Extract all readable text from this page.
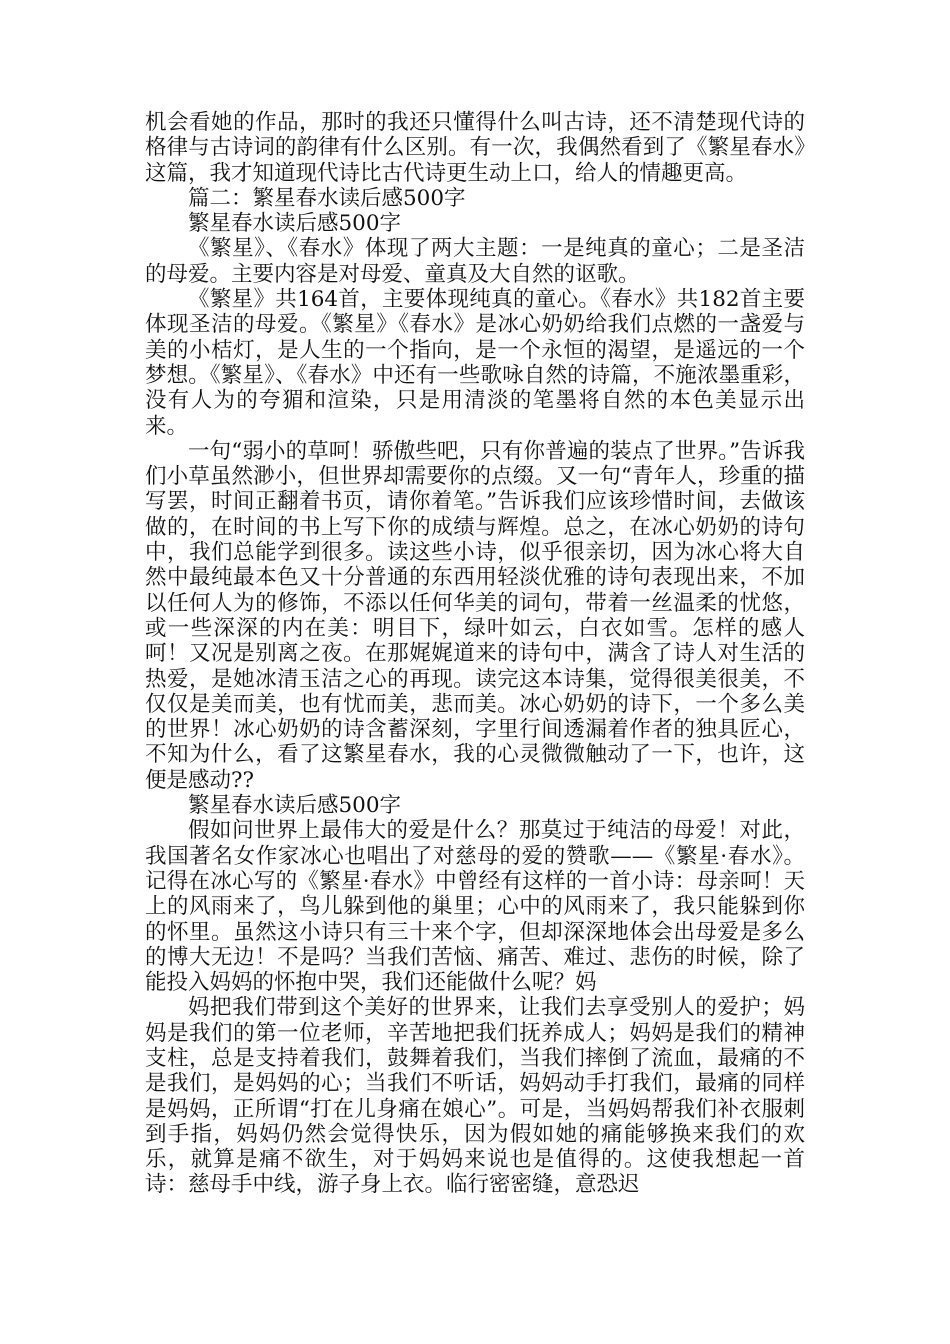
机会看她的作品，那时的我还只懂得什么叫古诗，还不清楚现代诗的格律与古诗词的韵律有什么区别。有一次，我偶然看到了《繁星春水》这篇，我才知道现代诗比古代诗更生动上口，给人的情趣更高。

篇二：繁星春水读后感500字

繁星春水读后感500字

《繁星》、《春水》体现了两大主题：一是纯真的童心；二是圣洁的母爱。主要内容是对母爱、童真及大自然的讴歌。

《繁星》共164首，主要体现纯真的童心。《春水》共182首主要体现圣洁的母爱。《繁星》《春水》是冰心奶奶给我们点燃的一盏爱与美的小桔灯，是人生的一个指向，是一个永恒的渴望，是遥远的一个梦想。《繁星》、《春水》中还有一些歌咏自然的诗篇，不施浓墨重彩，没有人为的夸猸和渲染，只是用清淡的笔墨将自然的本色美显示出来。

一句“弱小的草呵！骄傲些吧，只有你普遍的装点了世界。”告诉我们小草虽然渺小，但世界却需要你的点缀。又一句“青年人，珍重的描写罢，时间正翻着书页，请你着笔。”告诉我们应该珍惜时间，去做该做的，在时间的书上写下你的成绩与辉煌。总之，在冰心奶奶的诗句中，我们总能学到很多。读这些小诗，似乎很亲切，因为冰心将大自然中最纯最本色又十分普通的东西用轻淡优雅的诗句表现出来，不加以任何人为的修饰，不添以任何华美的词句，带着一丝温柔的忧悠，或一些深深的内在美：明目下，绿叶如云，白衣如雪。怎样的感人呵！又况是别离之夜。在那娓娓道来的诗句中，满含了诗人对生活的热爱，是她冰清玉洁之心的再现。读完这本诗集，觉得很美很美，不仅仅是美而美，也有忧而美，悲而美。冰心奶奶的诗下，一个多么美的世界！冰心奶奶的诗含蓄深刻，字里行间透漏着作者的独具匠心，不知为什么，看了这繁星春水，我的心灵微微触动了一下，也许，这便是感动??

繁星春水读后感500字

假如问世界上最伟大的爱是什么？那莫过于纯洁的母爱！对此，我国著名女作家冰心也唱出了对慈母的爱的赞歌——《繁星·春水》。记得在冰心写的《繁星·春水》中曾经有这样的一首小诗：母亲呵！天上的风雨来了，鸟儿躲到他的巢里；心中的风雨来了，我只能躲到你的怀里。虽然这小诗只有三十来个字，但却深深地体会出母爱是多么的博大无边！不是吗？当我们苦恼、痛苦、难过、悲伤的时候，除了能投入妈妈的怀抱中哭，我们还能做什么呢？妈

妈把我们带到这个美好的世界来，让我们去享受别人的爱护；妈妈是我们的第一位老师，辛苦地把我们抚养成人；妈妈是我们的精神支柱，总是支持着我们，鼓舞着我们，当我们摔倒了流血，最痛的不是我们，是妈妈的心；当我们不听话，妈妈动手打我们，最痛的同样是妈妈，正所谓“打在儿身痛在娘心”。可是，当妈妈帮我们补衣服刺到手指，妈妈仍然会觉得快乐，因为假如她的痛能够换来我们的欢乐，就算是痛不欲生，对于妈妈来说也是值得的。这使我想起一首诗：慈母手中线，游子身上衣。临行密密缝，意恐迟
